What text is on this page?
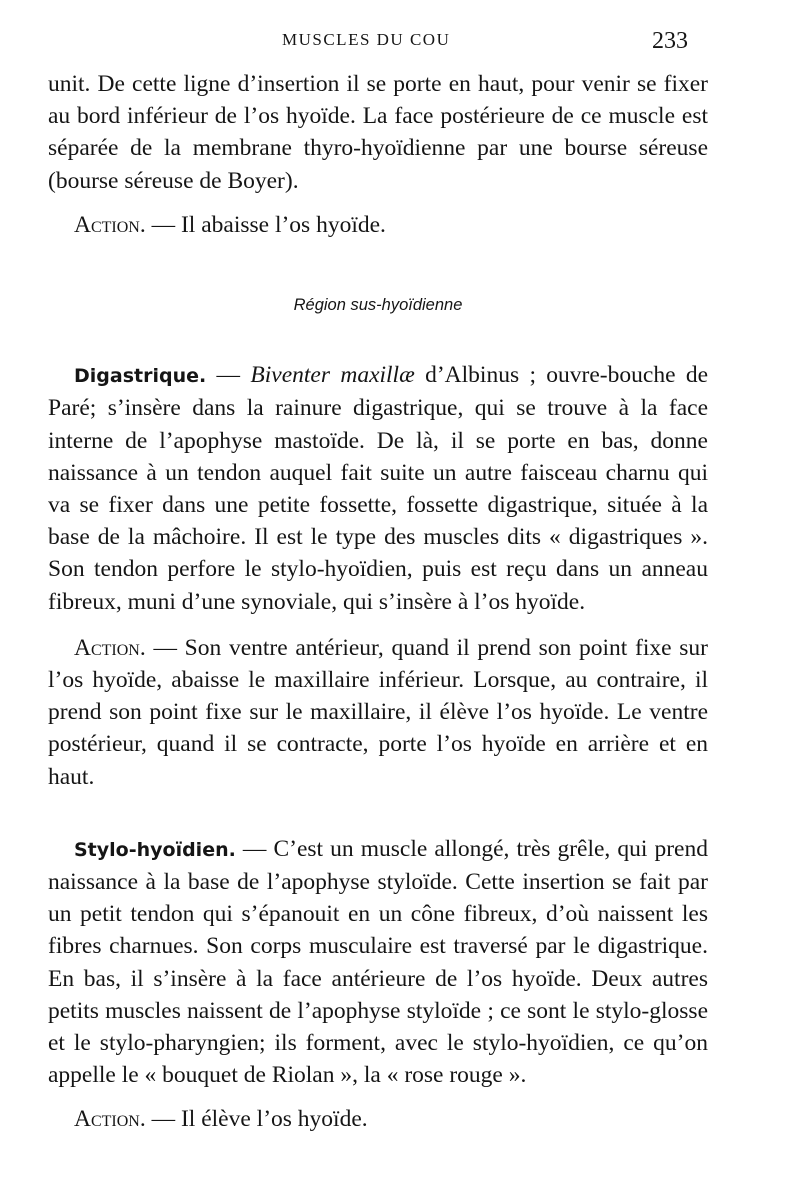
MUSCLES DU COU	233

unit. De cette ligne d’insertion il se porte en haut, pour venir se fixer au bord inférieur de l’os hyoïde. La face postérieure de ce muscle est séparée de la membrane thyro-hyoïdienne par une bourse séreuse (bourse séreuse de Boyer).

Action. — Il abaisse l’os hyoïde.

Région sus-hyoïdienne

Digastrique. — Biventer maxillæ d’Albinus ; ouvre-bouche de Paré; s’insère dans la rainure digastrique, qui se trouve à la face interne de l’apophyse mastoïde. De là, il se porte en bas, donne naissance à un tendon auquel fait suite un autre faisceau charnu qui va se fixer dans une petite fossette, fossette digastrique, située à la base de la mâchoire. Il est le type des muscles dits « digastriques ». Son tendon perfore le stylo-hyoïdien, puis est reçu dans un anneau fibreux, muni d’une synoviale, qui s’insère à l’os hyoïde.

Action. — Son ventre antérieur, quand il prend son point fixe sur l’os hyoïde, abaisse le maxillaire inférieur. Lorsque, au contraire, il prend son point fixe sur le maxillaire, il élève l’os hyoïde. Le ventre postérieur, quand il se contracte, porte l’os hyoïde en arrière et en haut.

Stylo-hyoïdien. — C’est un muscle allongé, très grêle, qui prend naissance à la base de l’apophyse styloïde. Cette insertion se fait par un petit tendon qui s’épanouit en un cône fibreux, d’où naissent les fibres charnues. Son corps musculaire est traversé par le digastrique. En bas, il s’insère à la face antérieure de l’os hyoïde. Deux autres petits muscles naissent de l’apophyse styloïde ; ce sont le stylo-glosse et le stylo-pharyngien; ils forment, avec le stylo-hyoïdien, ce qu’on appelle le « bouquet de Riolan », la « rose rouge ».

Action. — Il élève l’os hyoïde.
